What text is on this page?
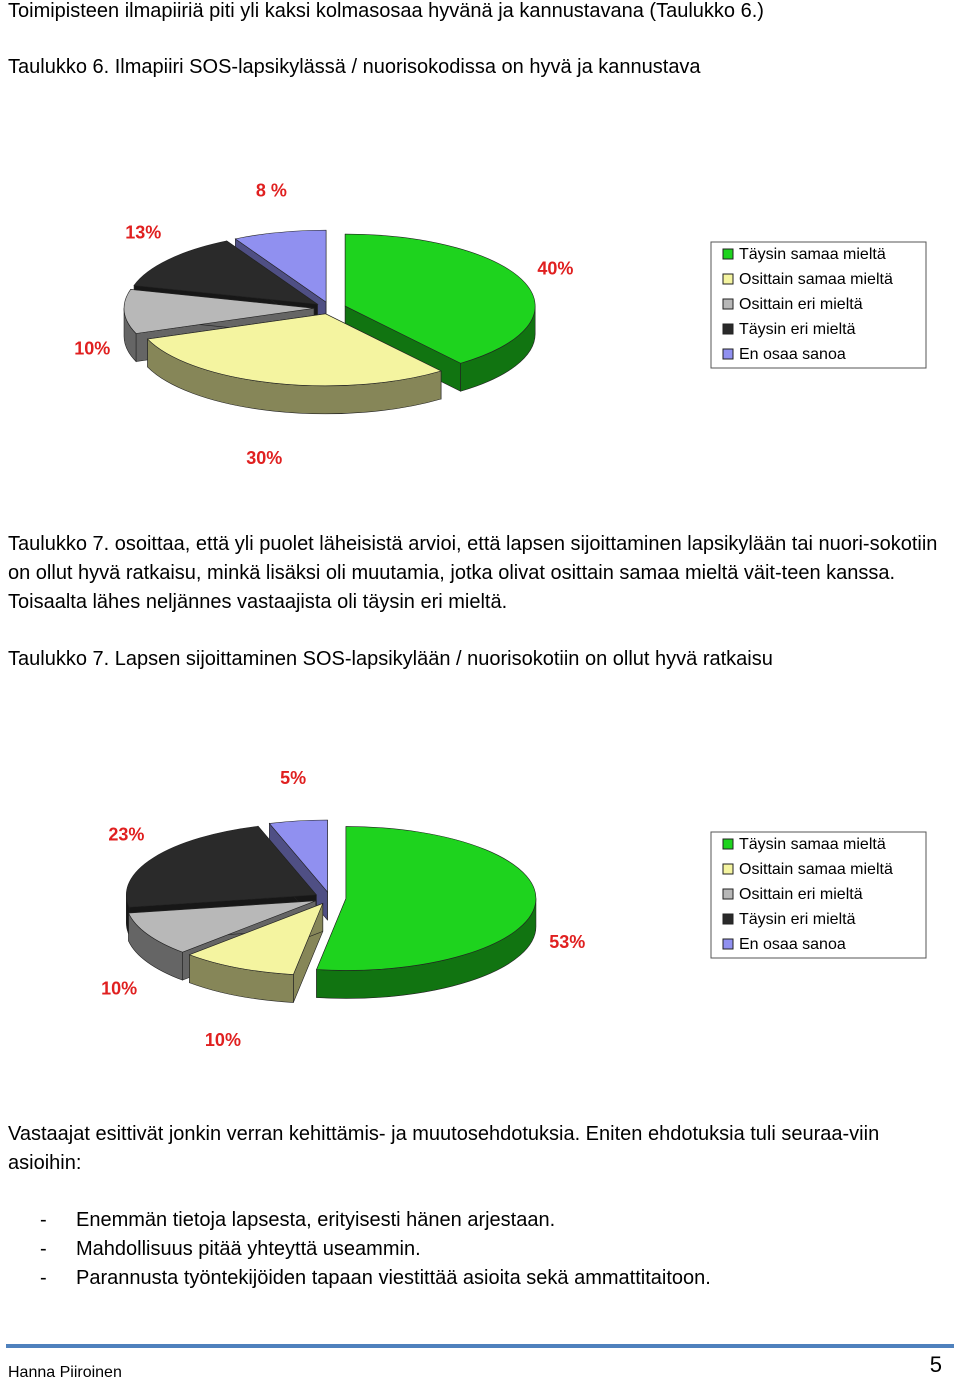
Toimipisteen ilmapiiriä piti yli kaksi kolmasosaa hyvänä ja kannustavana (Taulukko 6.)

Taulukko 6. Ilmapiiri SOS-lapsikylässä / nuorisokodissa on hyvä ja kannustava

40%
30%
10%
13%
8 %
Täysin samaa mieltä
Osittain samaa mieltä
Osittain eri mieltä
Täysin eri mieltä
En osaa sanoa

Taulukko 7. osoittaa, että yli puolet läheisistä arvioi, että lapsen sijoittaminen lapsikylään tai nuori-sokotiin on ollut hyvä ratkaisu, minkä lisäksi oli muutamia, jotka olivat osittain samaa mieltä väit-teen kanssa. Toisaalta lähes neljännes vastaajista oli täysin eri mieltä.

Taulukko 7. Lapsen sijoittaminen SOS-lapsikylään / nuorisokotiin on ollut hyvä ratkaisu

53%
10%
10%
23%
5%
Täysin samaa mieltä
Osittain samaa mieltä
Osittain eri mieltä
Täysin eri mieltä
En osaa sanoa

Vastaajat esittivät jonkin verran kehittämis- ja muutosehdotuksia. Eniten ehdotuksia tuli seuraa-viin asioihin:

-	Enemmän tietoja lapsesta, erityisesti hänen arjestaan.
-	Mahdollisuus pitää yhteyttä useammin.
-	Parannusta työntekijöiden tapaan viestittää asioita sekä ammattitaitoon.
Hanna Piiroinen	5
